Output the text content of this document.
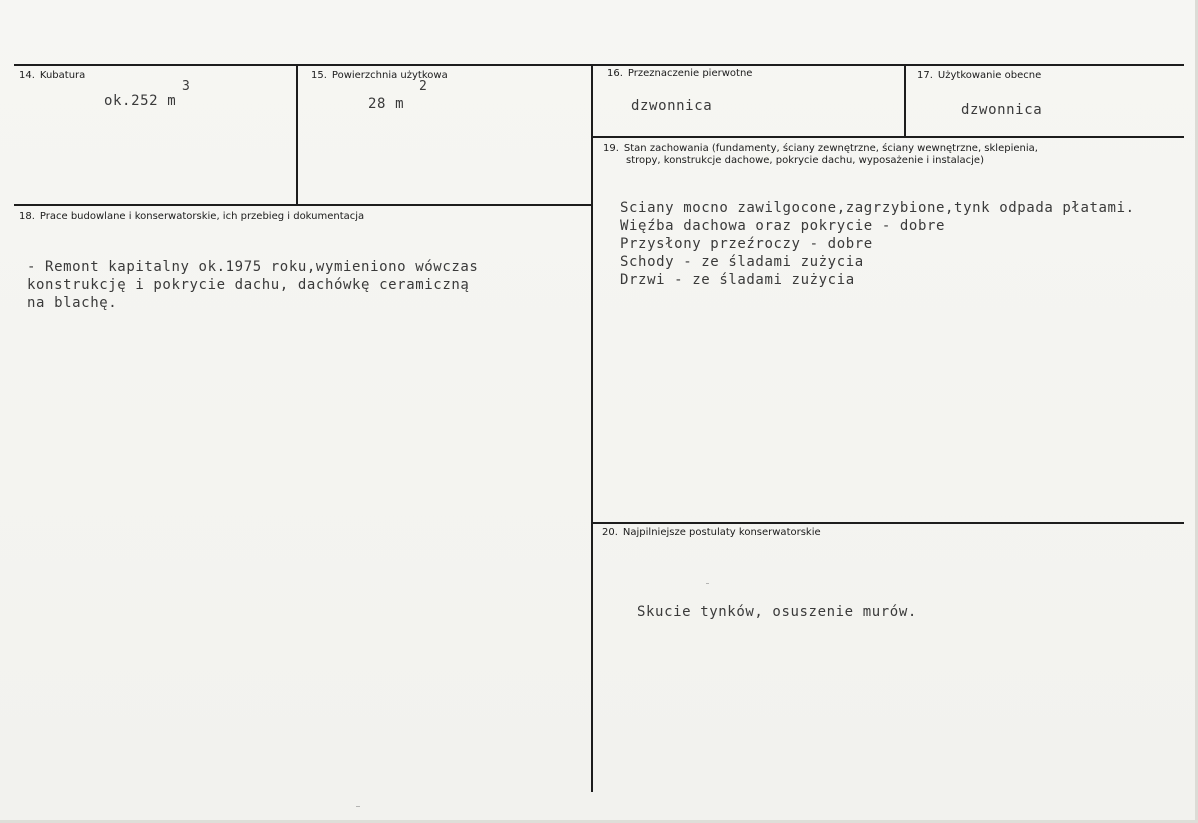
14. Kubatura
3
ok.252 m
15. Powierzchnia użytkowa
2
28 m
16. Przeznaczenie pierwotne
dzwonnica
17. Użytkowanie obecne
dzwonnica
19. Stan zachowania (fundamenty, ściany zewnętrzne, ściany wewnętrzne, sklepienia,
stropy, konstrukcje dachowe, pokrycie dachu, wyposażenie i instalacje)
Sciany mocno zawilgocone,zagrzybione,tynk odpada płatami.
Więźba dachowa oraz pokrycie - dobre
Przysłony przeźroczy - dobre
Schody - ze śladami zużycia
Drzwi - ze śladami zużycia
18. Prace budowlane i konserwatorskie, ich przebieg i dokumentacja
- Remont kapitalny ok.1975 roku,wymieniono wówczas
konstrukcję i pokrycie dachu, dachówkę ceramiczną
na blachę.
20. Najpilniejsze postulaty konserwatorskie
Skucie tynków, osuszenie murów.
